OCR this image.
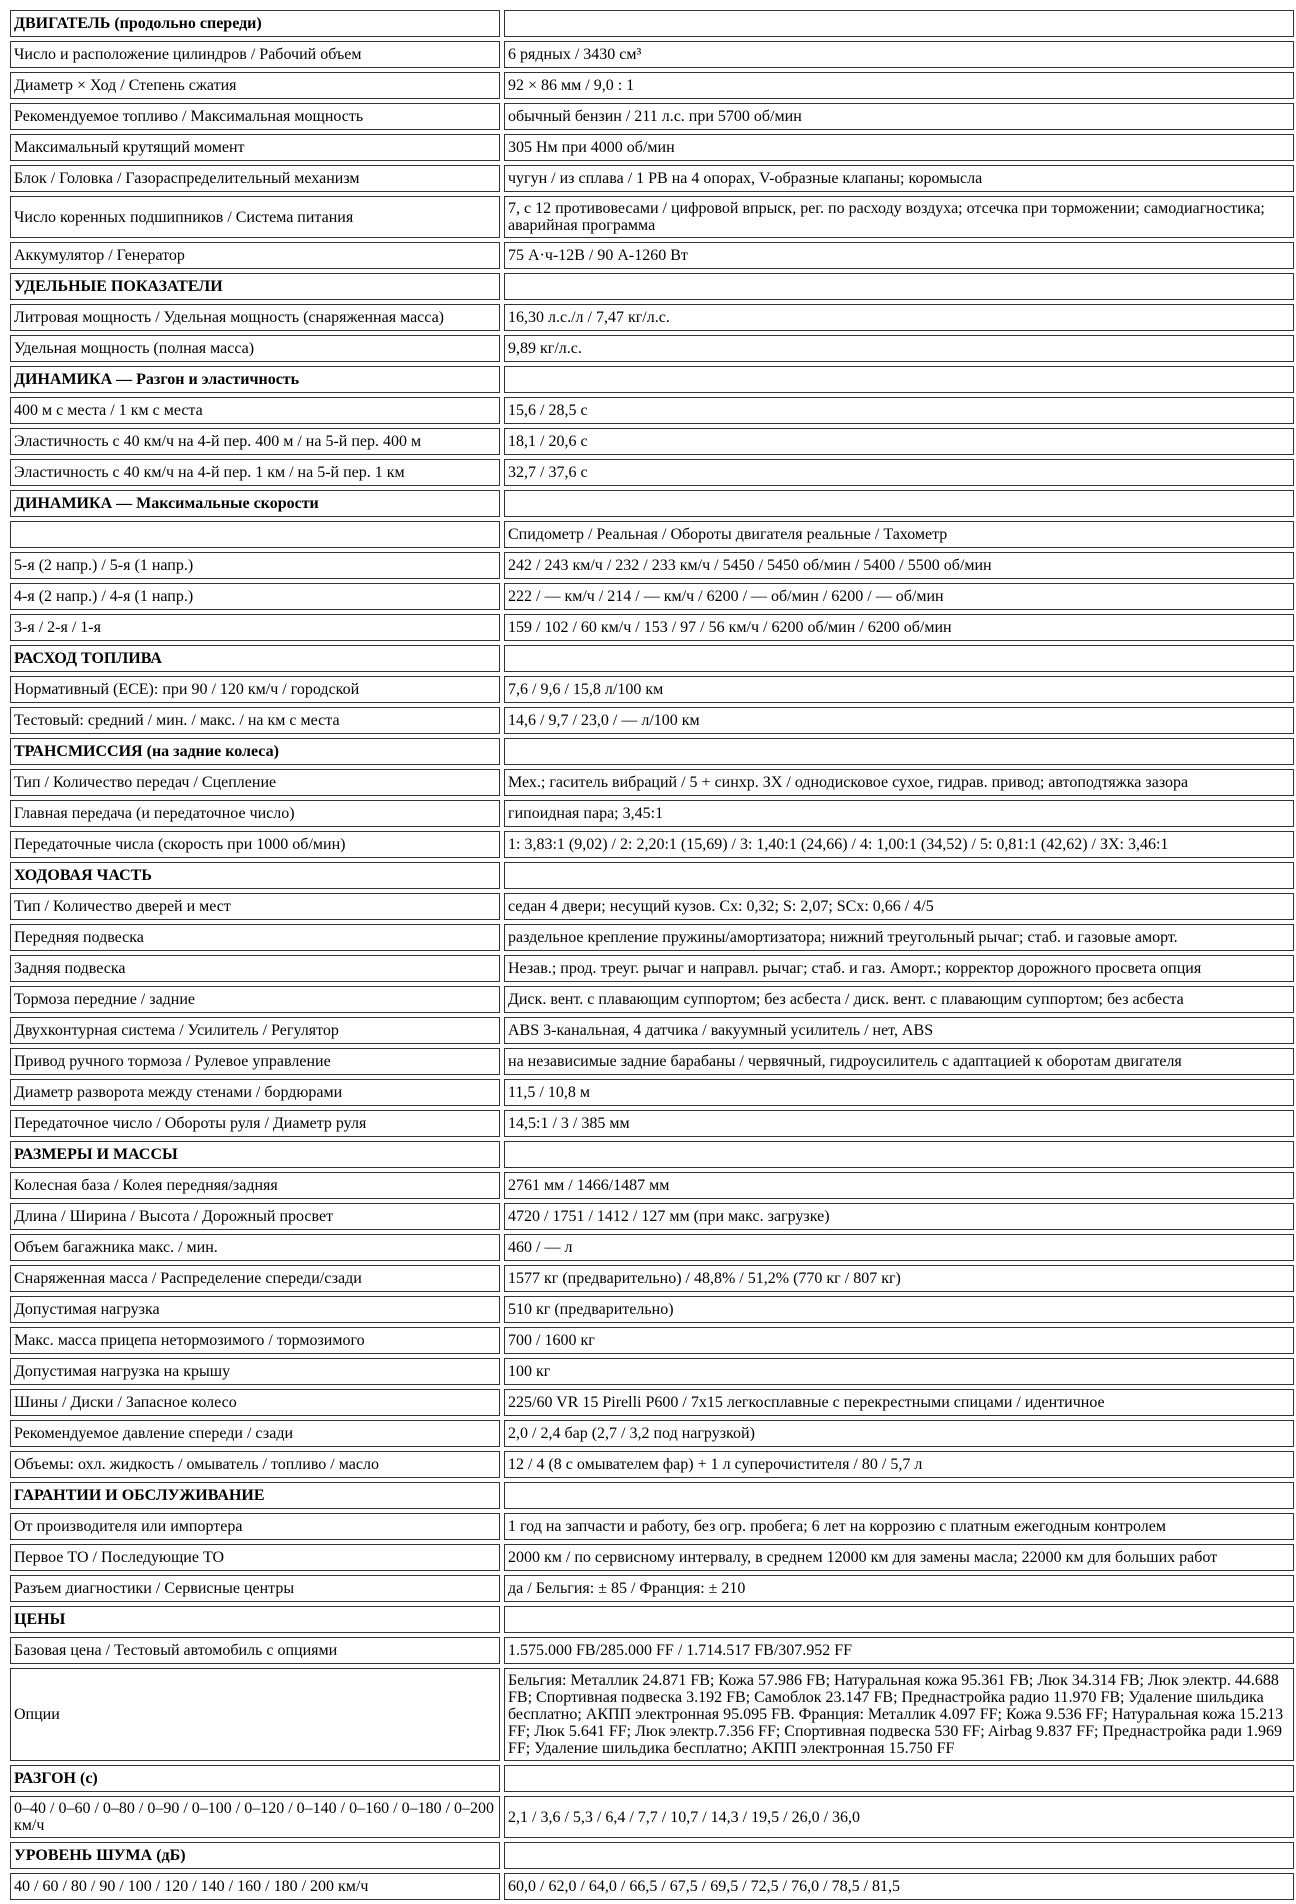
ДВИГАТЕЛЬ (продольно спереди)	
Число и расположение цилиндров / Рабочий объем	6 рядных / 3430 см³
Диаметр × Ход / Степень сжатия	92 × 86 мм / 9,0 : 1
Рекомендуемое топливо / Максимальная мощность	обычный бензин / 211 л.с. при 5700 об/мин
Максимальный крутящий момент	305 Нм при 4000 об/мин
Блок / Головка / Газораспределительный механизм	чугун / из сплава / 1 РВ на 4 опорах, V-образные клапаны; коромысла
Число коренных подшипников / Система питания	7, с 12 противовесами / цифровой впрыск, рег. по расходу воздуха; отсечка при торможении; самодиагностика; аварийная программа
Аккумулятор / Генератор	75 А·ч-12В / 90 А-1260 Вт
УДЕЛЬНЫЕ ПОКАЗАТЕЛИ	
Литровая мощность / Удельная мощность (снаряженная масса)	16,30 л.с./л / 7,47 кг/л.с.
Удельная мощность (полная масса)	9,89 кг/л.с.
ДИНАМИКА — Разгон и эластичность	
400 м с места / 1 км с места	15,6 / 28,5 с
Эластичность с 40 км/ч на 4-й пер. 400 м / на 5-й пер. 400 м	18,1 / 20,6 с
Эластичность с 40 км/ч на 4-й пер. 1 км / на 5-й пер. 1 км	32,7 / 37,6 с
ДИНАМИКА — Максимальные скорости	
	Спидометр / Реальная / Обороты двигателя реальные / Тахометр
5-я (2 напр.) / 5-я (1 напр.)	242 / 243 км/ч / 232 / 233 км/ч / 5450 / 5450 об/мин / 5400 / 5500 об/мин
4-я (2 напр.) / 4-я (1 напр.)	222 / — км/ч / 214 / — км/ч / 6200 / — об/мин / 6200 / — об/мин
3-я / 2-я / 1-я	159 / 102 / 60 км/ч / 153 / 97 / 56 км/ч / 6200 об/мин / 6200 об/мин
РАСХОД ТОПЛИВА	
Нормативный (ЕСЕ): при 90 / 120 км/ч / городской	7,6 / 9,6 / 15,8 л/100 км
Тестовый: средний / мин. / макс. / на км с места	14,6 / 9,7 / 23,0 / — л/100 км
ТРАНСМИССИЯ (на задние колеса)	
Тип / Количество передач / Сцепление	Мех.; гаситель вибраций / 5 + синхр. ЗХ / однодисковое сухое, гидрав. привод; автоподтяжка зазора
Главная передача (и передаточное число)	гипоидная пара; 3,45:1
Передаточные числа (скорость при 1000 об/мин)	1: 3,83:1 (9,02) / 2: 2,20:1 (15,69) / 3: 1,40:1 (24,66) / 4: 1,00:1 (34,52) / 5: 0,81:1 (42,62) / ЗХ: 3,46:1
ХОДОВАЯ ЧАСТЬ	
Тип / Количество дверей и мест	седан 4 двери; несущий кузов. Cx: 0,32; S: 2,07; SCx: 0,66 / 4/5
Передняя подвеска	раздельное крепление пружины/амортизатора; нижний треугольный рычаг; стаб. и газовые аморт.
Задняя подвеска	Незав.; прод. треуг. рычаг и направл. рычаг; стаб. и газ. Аморт.; корректор дорожного просвета опция
Тормоза передние / задние	Диск. вент. с плавающим суппортом; без асбеста / диск. вент. с плавающим суппортом; без асбеста
Двухконтурная система / Усилитель / Регулятор	ABS 3-канальная, 4 датчика / вакуумный усилитель / нет, ABS
Привод ручного тормоза / Рулевое управление	на независимые задние барабаны / червячный, гидроусилитель с адаптацией к оборотам двигателя
Диаметр разворота между стенами / бордюрами	11,5 / 10,8 м
Передаточное число / Обороты руля / Диаметр руля	14,5:1 / 3 / 385 мм
РАЗМЕРЫ И МАССЫ	
Колесная база / Колея передняя/задняя	2761 мм / 1466/1487 мм
Длина / Ширина / Высота / Дорожный просвет	4720 / 1751 / 1412 / 127 мм (при макс. загрузке)
Объем багажника макс. / мин.	460 / — л
Снаряженная масса / Распределение спереди/сзади	1577 кг (предварительно) / 48,8% / 51,2% (770 кг / 807 кг)
Допустимая нагрузка	510 кг (предварительно)
Макс. масса прицепа нетормозимого / тормозимого	700 / 1600 кг
Допустимая нагрузка на крышу	100 кг
Шины / Диски / Запасное колесо	225/60 VR 15 Pirelli P600 / 7x15 легкосплавные с перекрестными спицами / идентичное
Рекомендуемое давление спереди / сзади	2,0 / 2,4 бар (2,7 / 3,2 под нагрузкой)
Объемы: охл. жидкость / омыватель / топливо / масло	12 / 4 (8 с омывателем фар) + 1 л суперочистителя / 80 / 5,7 л
ГАРАНТИИ И ОБСЛУЖИВАНИЕ	
От производителя или импортера	1 год на запчасти и работу, без огр. пробега; 6 лет на коррозию с платным ежегодным контролем
Первое ТО / Последующие ТО	2000 км / по сервисному интервалу, в среднем 12000 км для замены масла; 22000 км для больших работ
Разъем диагностики / Сервисные центры	да / Бельгия: ± 85 / Франция: ± 210
ЦЕНЫ	
Базовая цена / Тестовый автомобиль с опциями	1.575.000 FB/285.000 FF / 1.714.517 FB/307.952 FF
Опции	Бельгия: Металлик 24.871 FB; Кожа 57.986 FB; Натуральная кожа 95.361 FB; Люк 34.314 FB; Люк электр. 44.688 FB; Спортивная подвеска 3.192 FB; Самоблок 23.147 FB; Преднастройка радио 11.970 FB; Удаление шильдика бесплатно; АКПП электронная 95.095 FB. Франция: Металлик 4.097 FF; Кожа 9.536 FF; Натуральная кожа 15.213 FF; Люк 5.641 FF; Люк электр.7.356 FF; Спортивная подвеска 530 FF; Airbag 9.837 FF; Преднастройка ради 1.969 FF; Удаление шильдика бесплатно; АКПП электронная 15.750 FF
РАЗГОН (с)	
0–40 / 0–60 / 0–80 / 0–90 / 0–100 / 0–120 / 0–140 / 0–160 / 0–180 / 0–200 км/ч	2,1 / 3,6 / 5,3 / 6,4 / 7,7 / 10,7 / 14,3 / 19,5 / 26,0 / 36,0
УРОВЕНЬ ШУМА (дБ)	
40 / 60 / 80 / 90 / 100 / 120 / 140 / 160 / 180 / 200 км/ч	60,0 / 62,0 / 64,0 / 66,5 / 67,5 / 69,5 / 72,5 / 76,0 / 78,5 / 81,5
